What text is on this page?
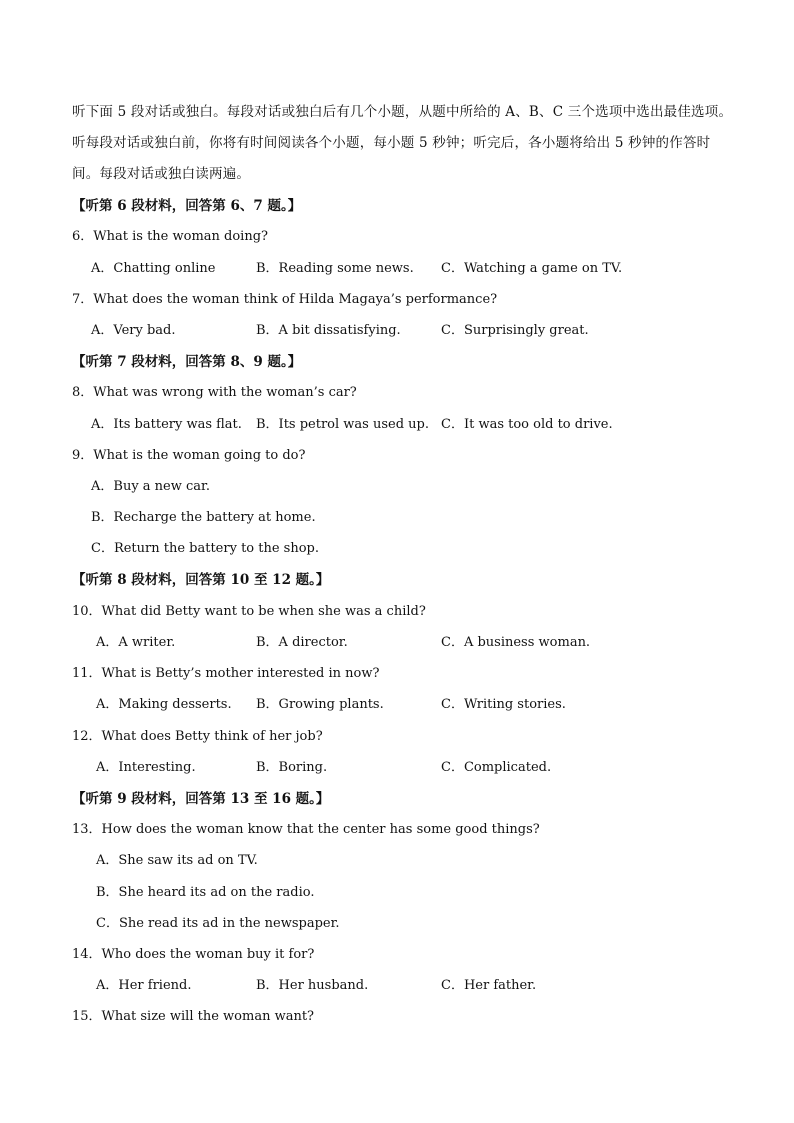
听下面 5 段对话或独白。每段对话或独白后有几个小题，从题中所给的 A、B、C 三个选项中选出最佳选项。
听每段对话或独白前，你将有时间阅读各个小题，每小题 5 秒钟；听完后，各小题将给出 5 秒钟的作答时
间。每段对话或独白读两遍。
【听第 6 段材料，回答第 6、7 题。】
6．What is the woman doing?
A．Chatting online	B．Reading some news. C．Watching a game on TV.
7．What does the woman think of Hilda Magaya’s performance?
A．Very bad.	B．A bit dissatisfying.	C．Surprisingly great.
【听第 7 段材料，回答第 8、9 题。】
8．What was wrong with the woman’s car?
A．Its battery was flat. B．Its petrol was used up. C．It was too old to drive.
9．What is the woman going to do?
A．Buy a new car.
B．Recharge the battery at home.
C．Return the battery to the shop.
【听第 8 段材料，回答第 10 至 12 题。】
10．What did Betty want to be when she was a child?
A．A writer.	B．A director.	C．A business woman.
11．What is Betty’s mother interested in now?
A．Making desserts. B．Growing plants.	C．Writing stories.
12．What does Betty think of her job?
A．Interesting.	B．Boring.	C．Complicated.
【听第 9 段材料，回答第 13 至 16 题。】
13．How does the woman know that the center has some good things?
A．She saw its ad on TV.
B．She heard its ad on the radio.
C．She read its ad in the newspaper.
14．Who does the woman buy it for?
A．Her friend.	B．Her husband.	C．Her father.
15．What size will the woman want?
